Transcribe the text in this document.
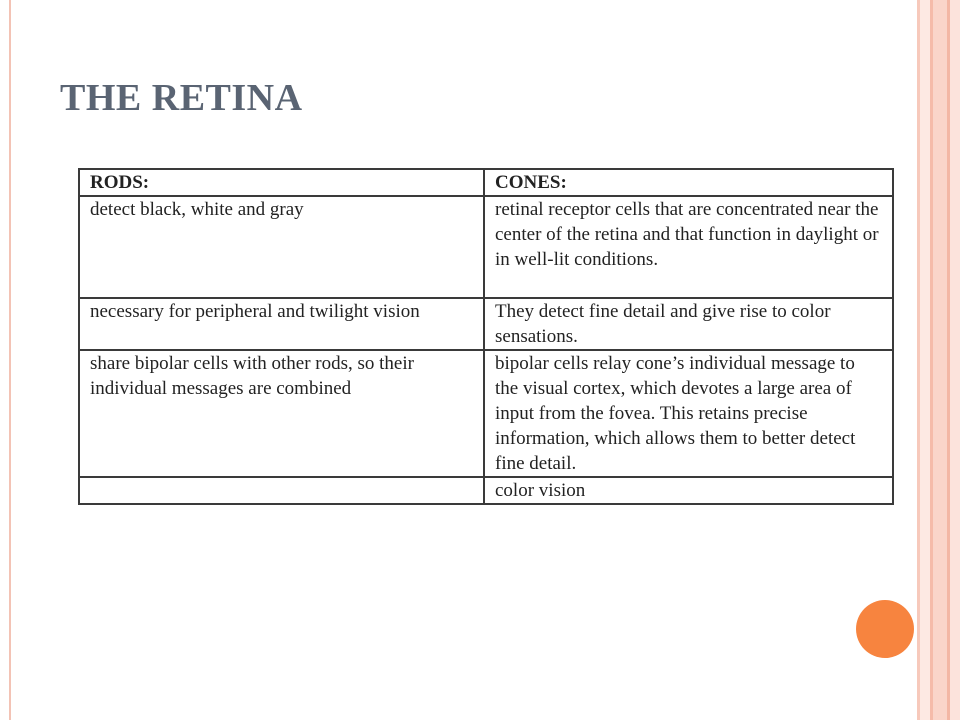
THE RETINA
RODS:	CONES:
detect black, white and gray	retinal receptor cells that are concentrated near the center of the retina and that function in daylight or in well-lit conditions.
necessary for peripheral and twilight vision	They detect fine detail and give rise to color sensations.
share bipolar cells with other rods, so their individual messages are combined	bipolar cells relay cone’s individual message to the visual cortex, which devotes a large area of input from the fovea. This retains precise information, which allows them to better detect fine detail.
	color vision
